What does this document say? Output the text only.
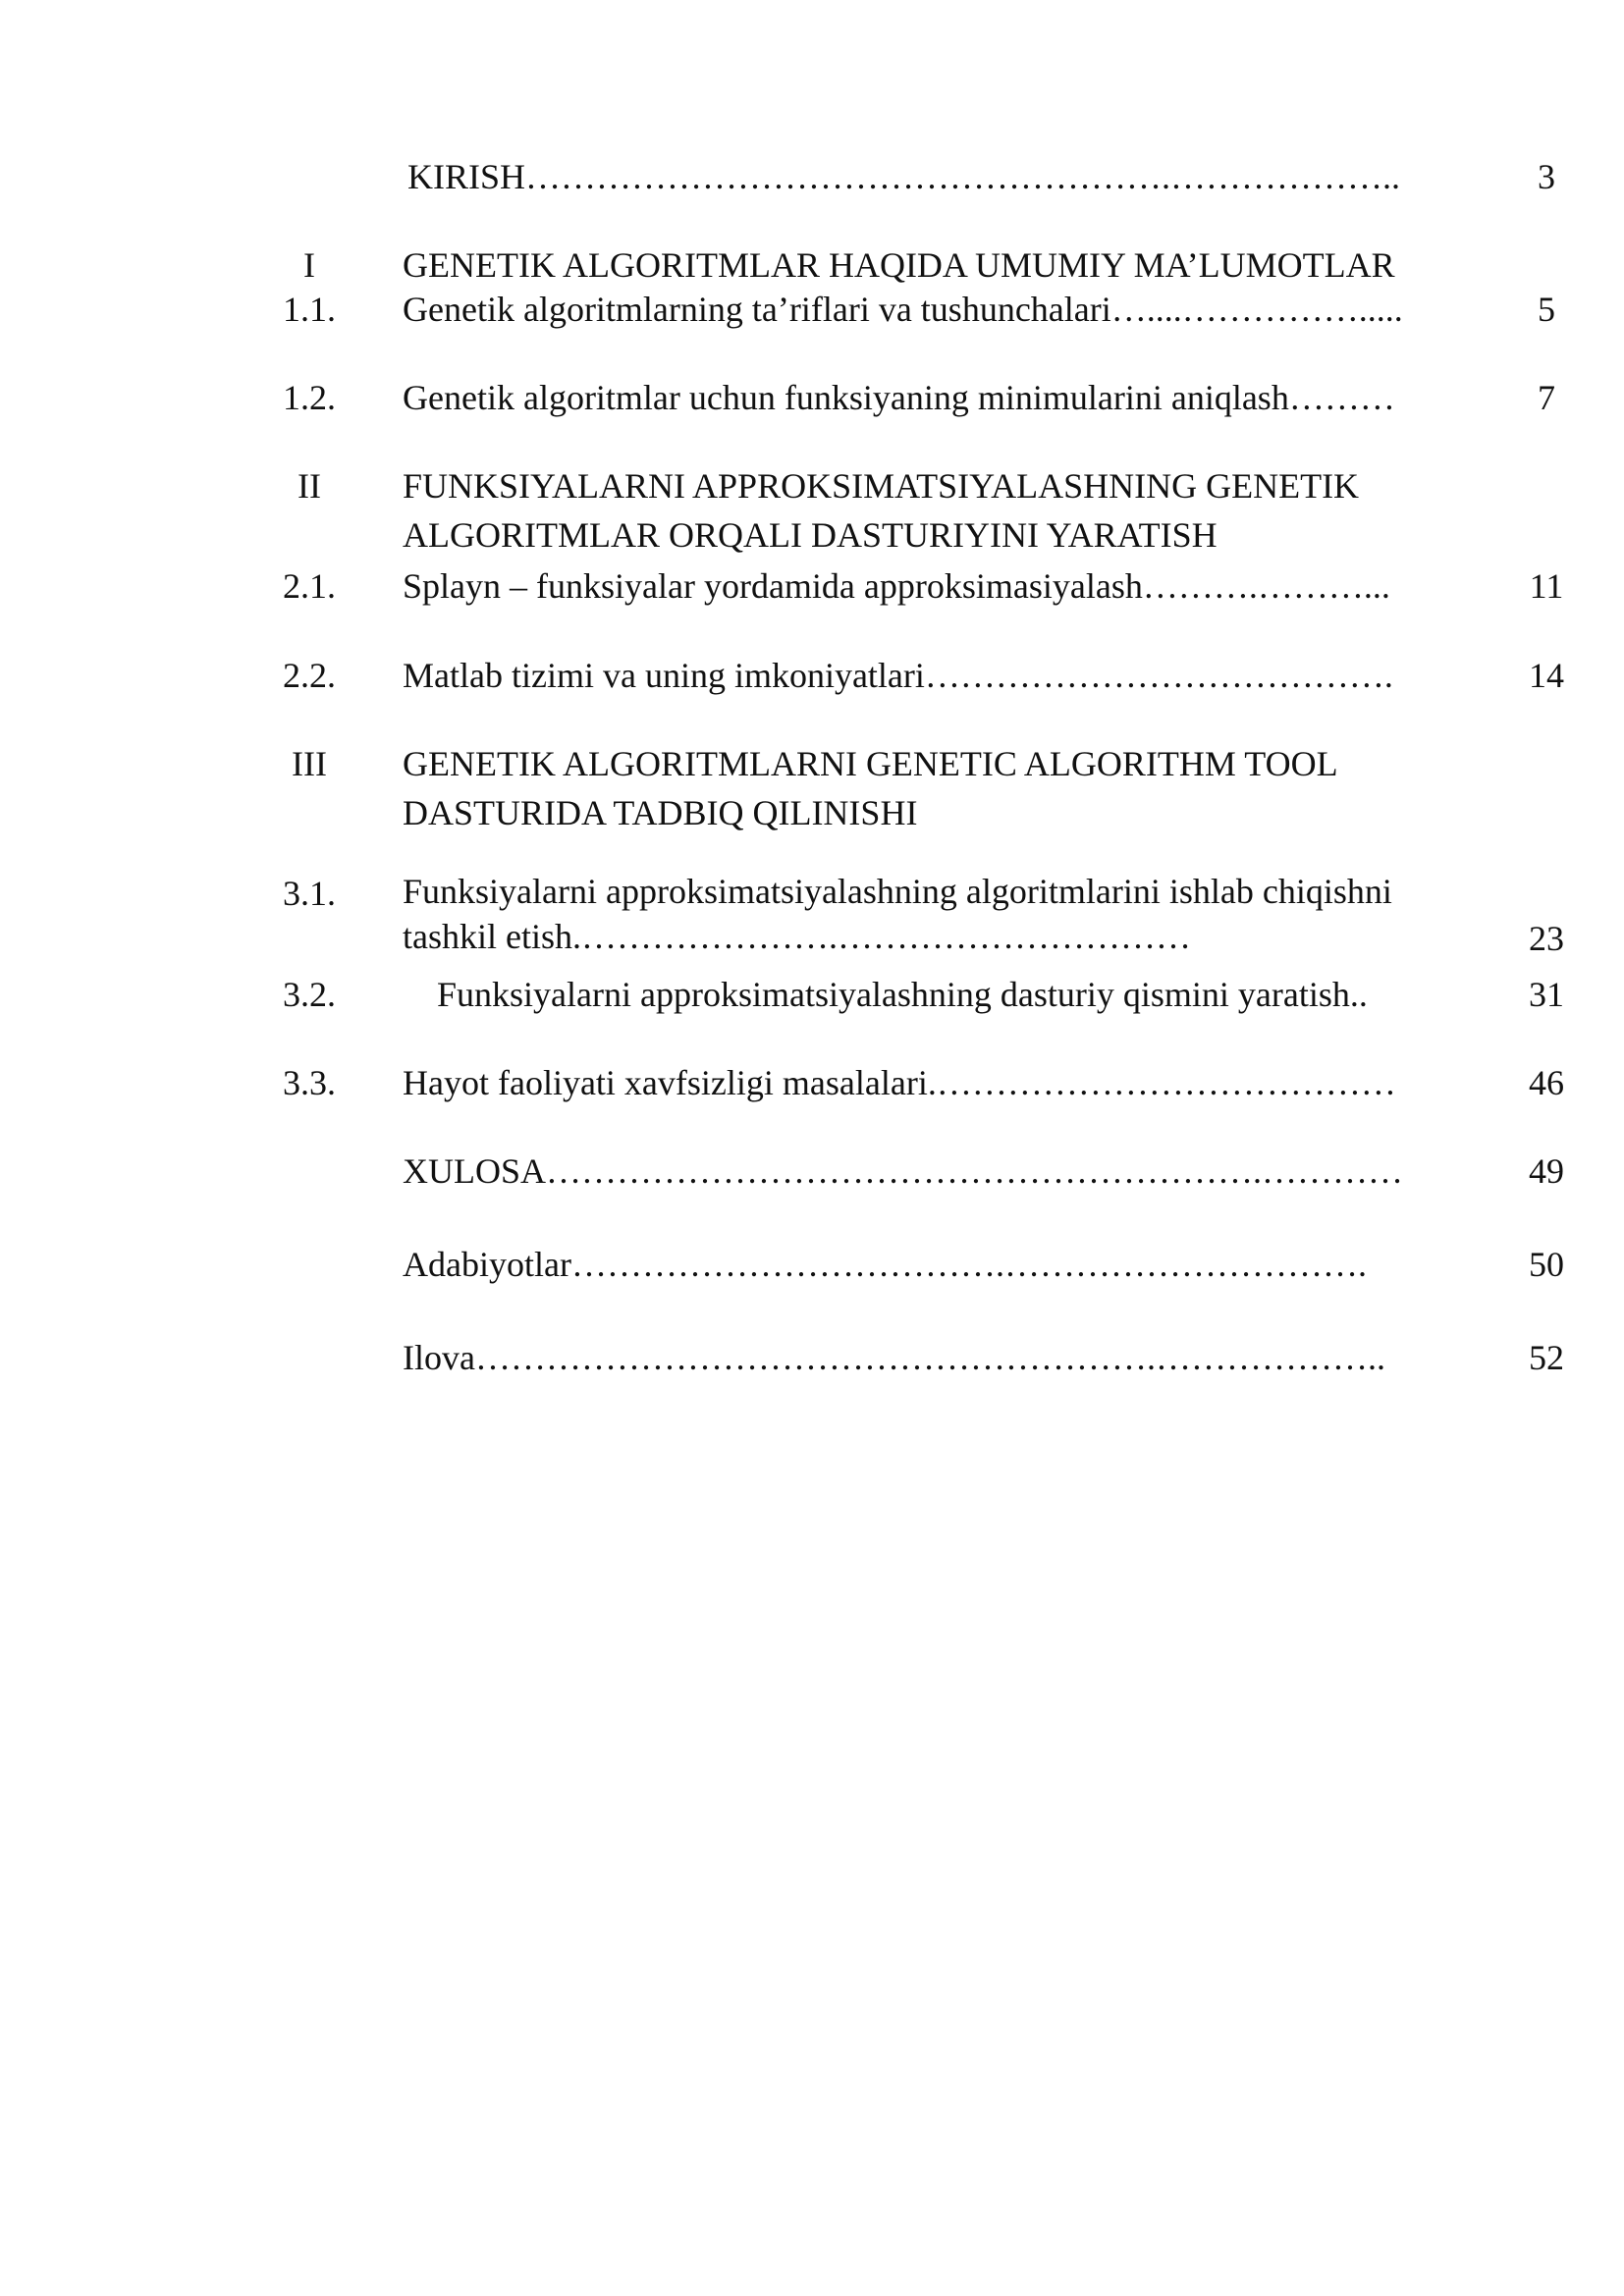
KIRISH……………………………………………….………………..	3
I	GENETIK ALGORITMLAR HAQIDA UMUMIY MA’LUMOTLAR
1.1.	Genetik algoritmlarning ta’riflari va tushunchalari…....…………….....	5
1.2.	Genetik algoritmlar uchun funksiyaning minimularini aniqlash………	7
II	FUNKSIYALARNI APPROKSIMATSIYALASHNING GENETIK
ALGORITMLAR ORQALI DASTURIYINI YARATISH
2.1.	Splayn – funksiyalar yordamida approksimasiyalash……….………...	11
2.2.	Matlab tizimi va uning imkoniyatlari………………………………….	14
III	GENETIK ALGORITMLARNI GENETIC ALGORITHM TOOL
DASTURIDA TADBIQ QILINISHI
3.1.	Funksiyalarni approksimatsiyalashning algoritmlarini ishlab chiqishni
tashkil etish.………………….…………………………	23
3.2.	Funksiyalarni approksimatsiyalashning dasturiy qismini yaratish..	31
3.3.	Hayot faoliyati xavfsizligi masalalari.…………………………………	46
XULOSA…………………………………………………….…………	49
Adabiyotlar……………………………….………………………….	50
Ilova………………………………………………….………………..	52
